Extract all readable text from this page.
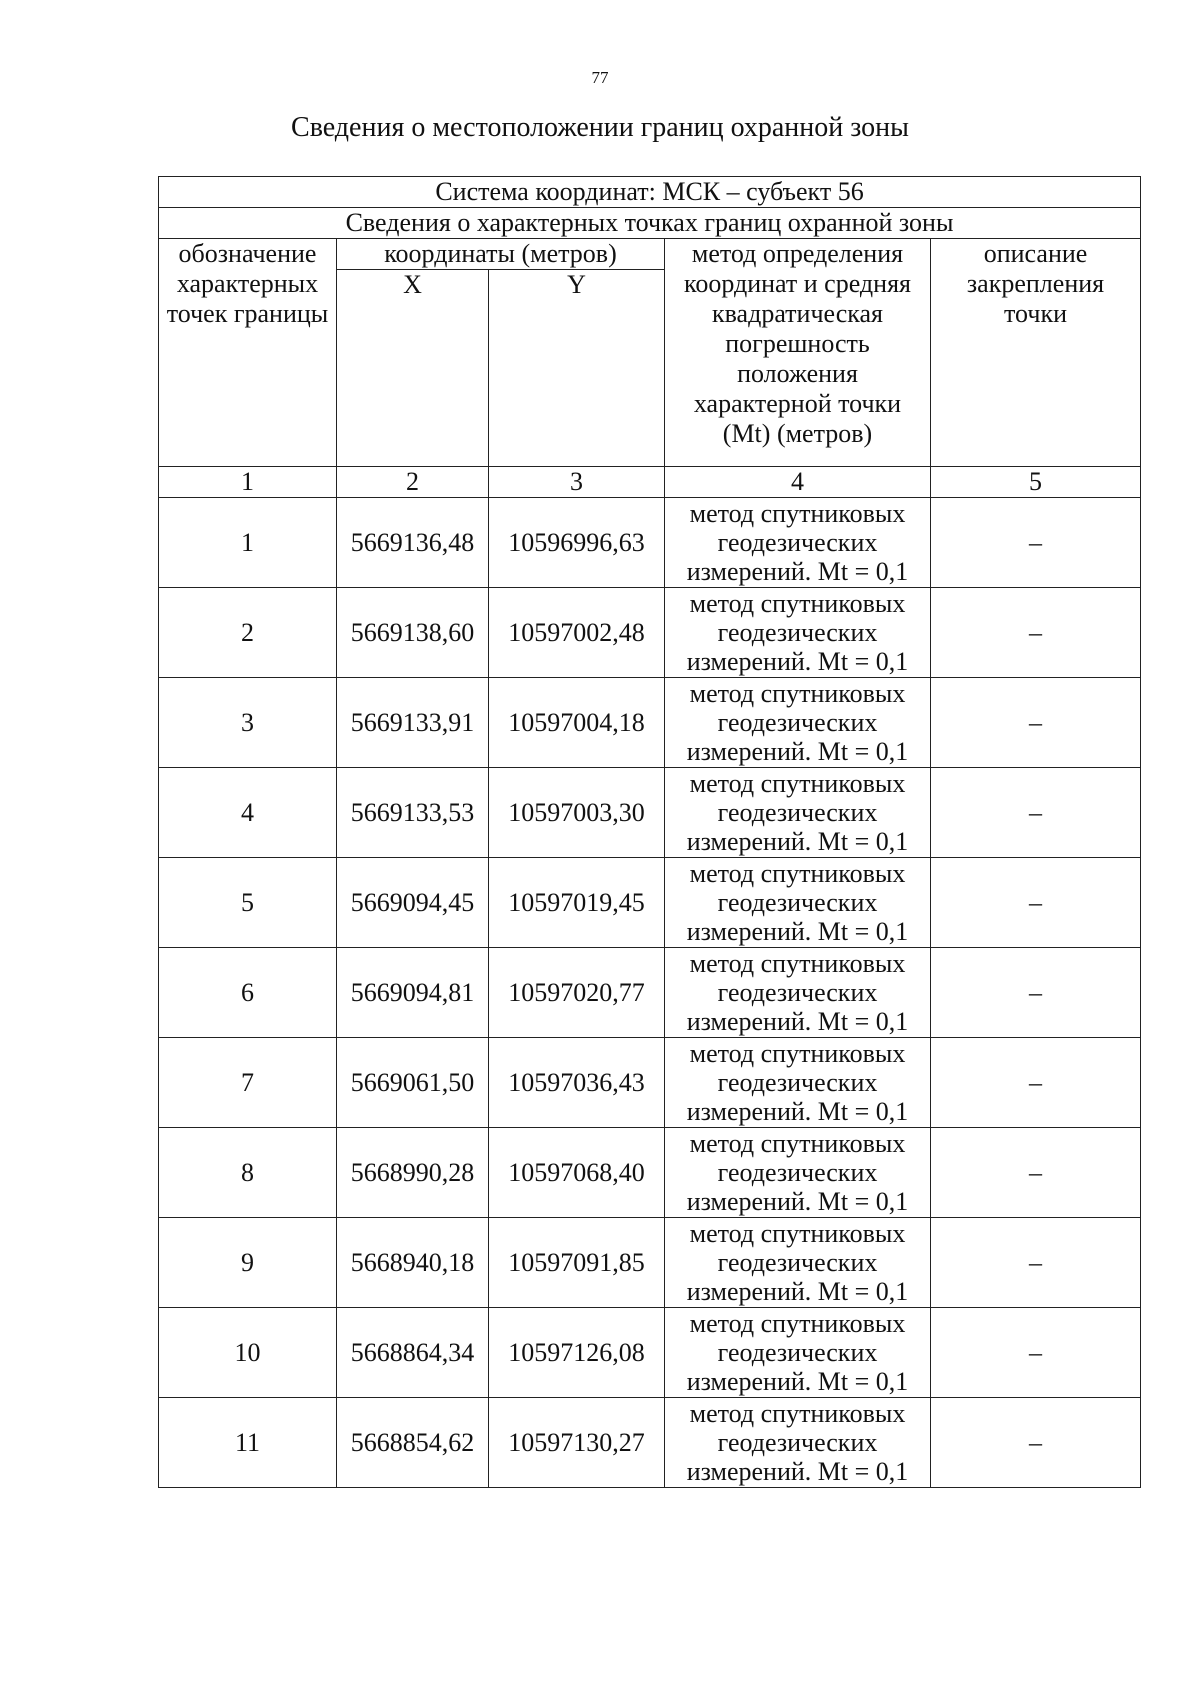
77
Сведения о местоположении границ охранной зоны
Система координат: МСК – субъект 56				
Сведения о характерных точках границ охранной зоны				
обозначение характерных точек границы	координаты (метров)		метод определения координат и средняя квадратическая погрешность положения характерной точки (Mt) (метров)	описание закрепления точки
	X	Y		
1	2	3	4	5
1	5669136,48	10596996,63	метод спутниковых геодезических измерений. Mt = 0,1	–
2	5669138,60	10597002,48	метод спутниковых геодезических измерений. Mt = 0,1	–
3	5669133,91	10597004,18	метод спутниковых геодезических измерений. Mt = 0,1	–
4	5669133,53	10597003,30	метод спутниковых геодезических измерений. Mt = 0,1	–
5	5669094,45	10597019,45	метод спутниковых геодезических измерений. Mt = 0,1	–
6	5669094,81	10597020,77	метод спутниковых геодезических измерений. Mt = 0,1	–
7	5669061,50	10597036,43	метод спутниковых геодезических измерений. Mt = 0,1	–
8	5668990,28	10597068,40	метод спутниковых геодезических измерений. Mt = 0,1	–
9	5668940,18	10597091,85	метод спутниковых геодезических измерений. Mt = 0,1	–
10	5668864,34	10597126,08	метод спутниковых геодезических измерений. Mt = 0,1	–
11	5668854,62	10597130,27	метод спутниковых геодезических измерений. Mt = 0,1	–
